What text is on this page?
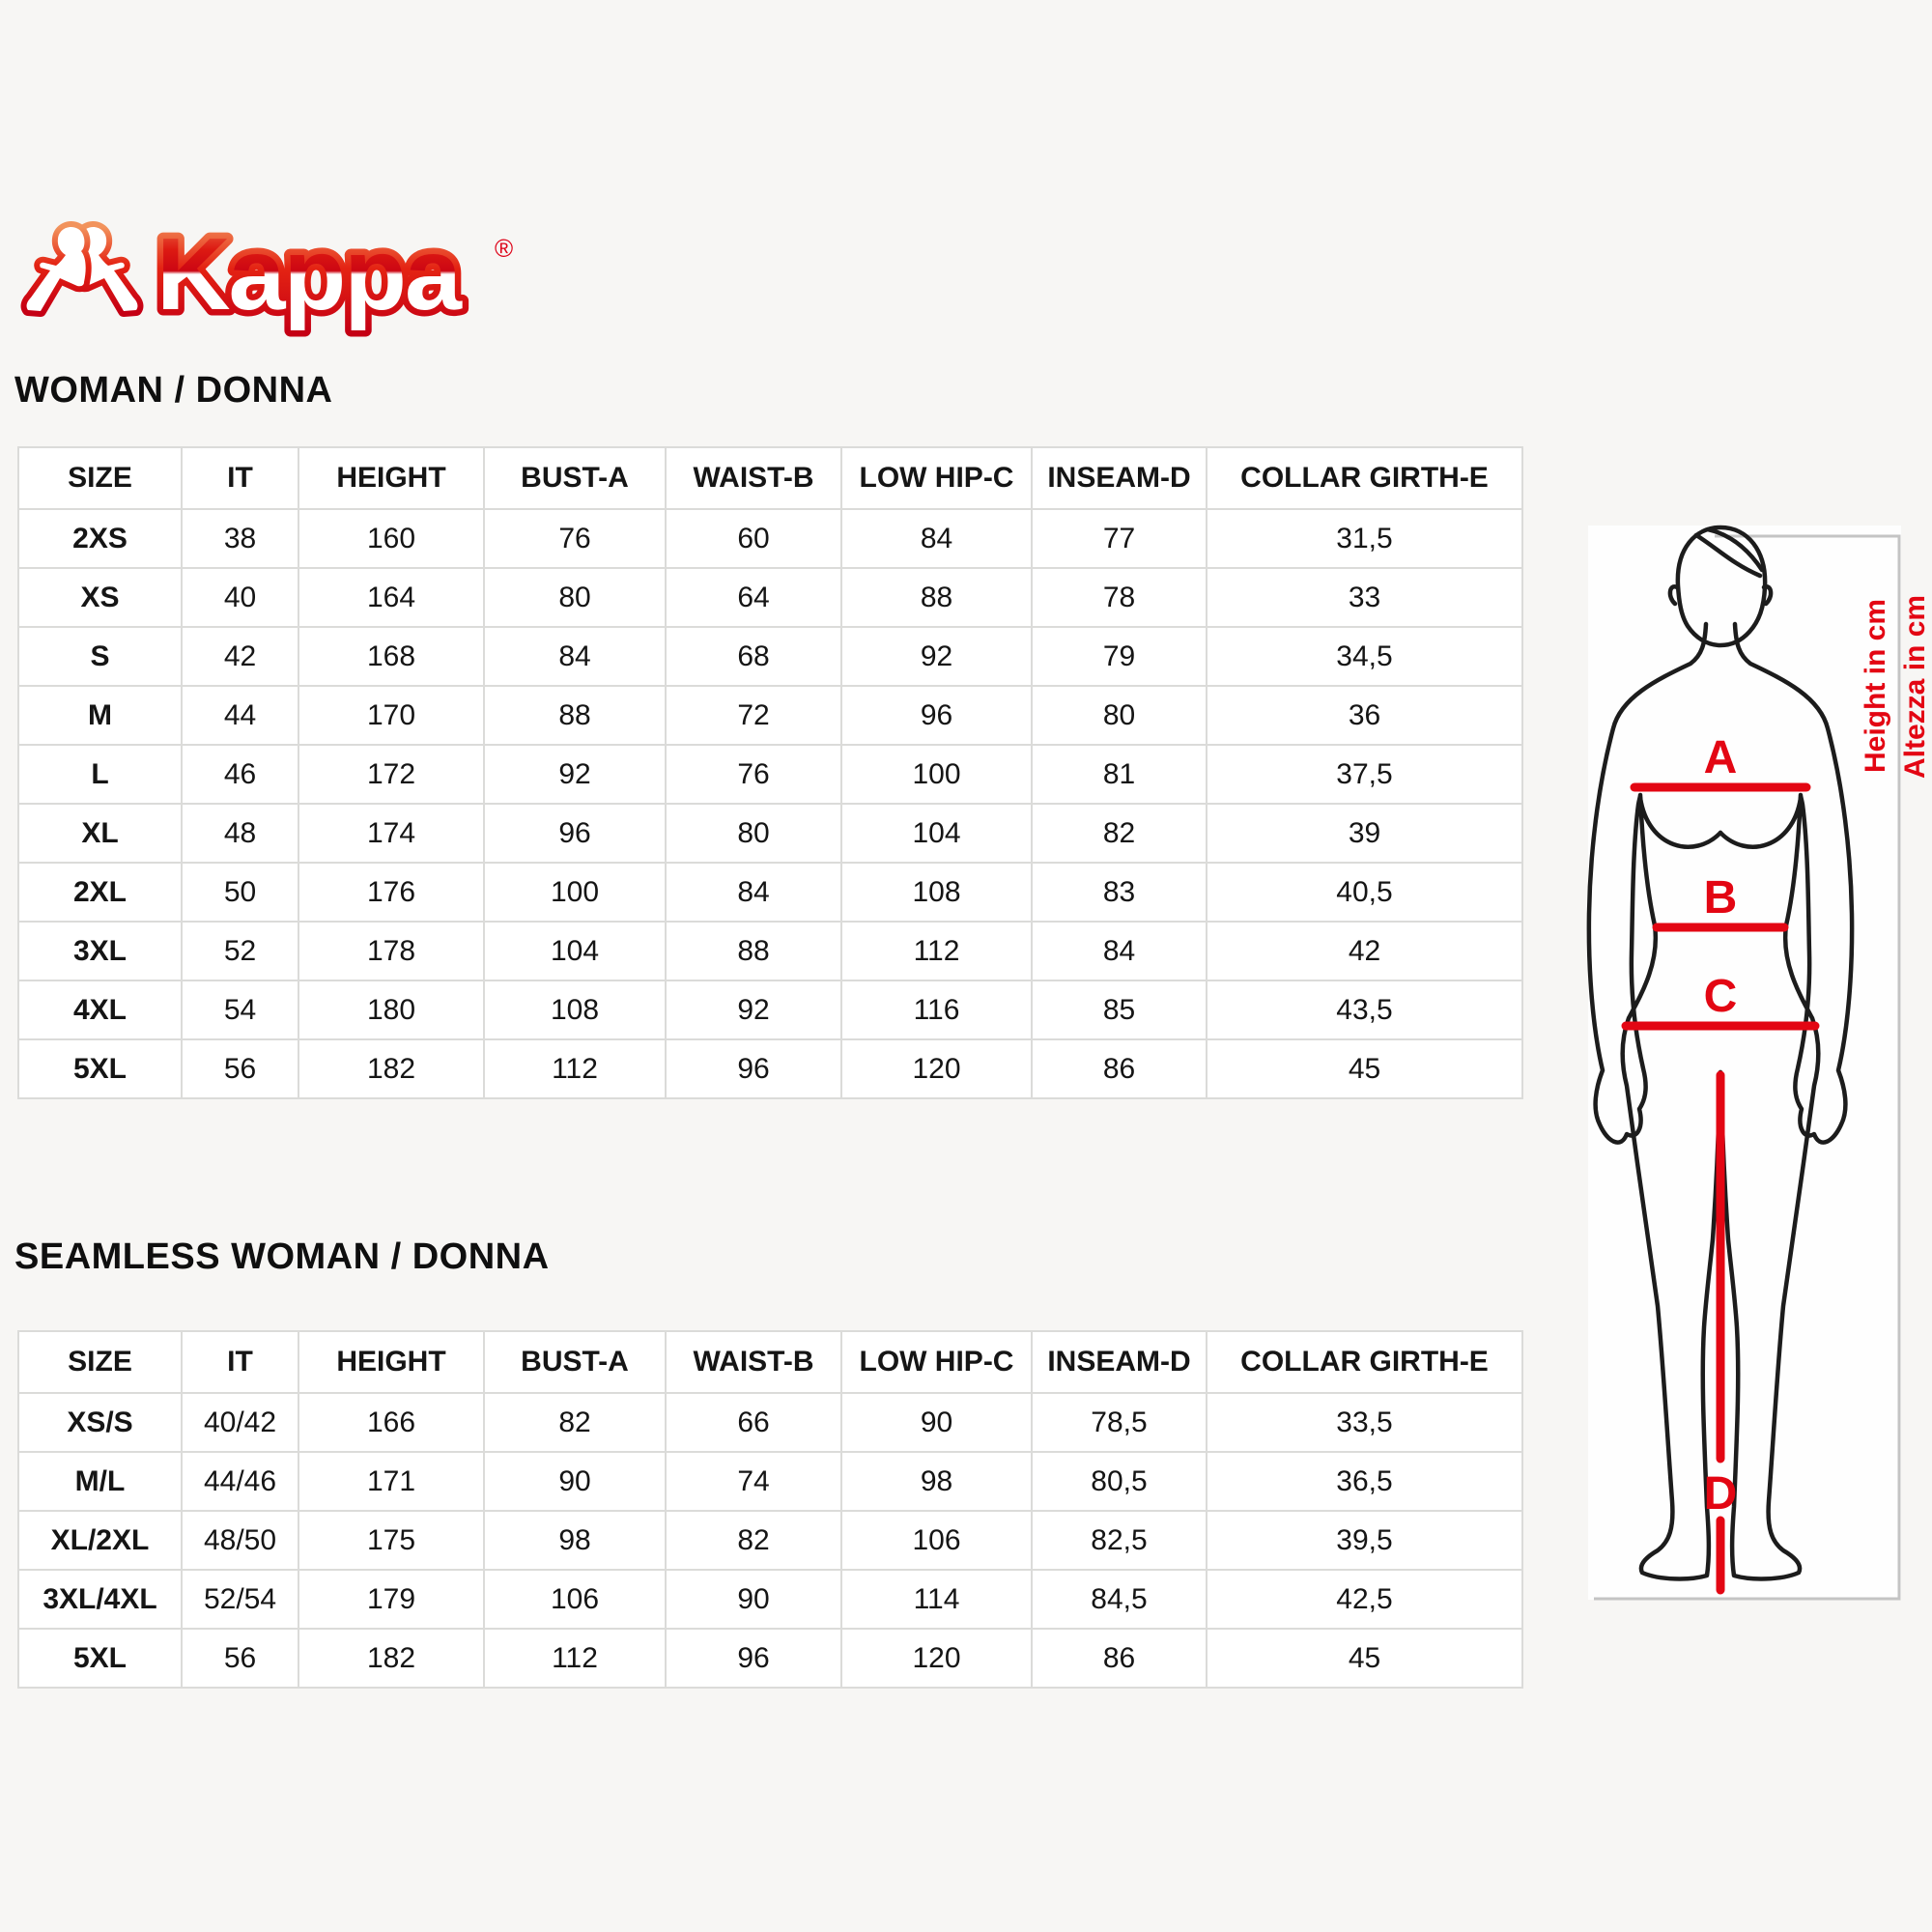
Kappa ®
WOMAN / DONNA
SIZE	IT	HEIGHT	BUST-A	WAIST-B	LOW HIP-C	INSEAM-D	COLLAR GIRTH-E
2XS	38	160	76	60	84	77	31,5
XS	40	164	80	64	88	78	33
S	42	168	84	68	92	79	34,5
M	44	170	88	72	96	80	36
L	46	172	92	76	100	81	37,5
XL	48	174	96	80	104	82	39
2XL	50	176	100	84	108	83	40,5
3XL	52	178	104	88	112	84	42
4XL	54	180	108	92	116	85	43,5
5XL	56	182	112	96	120	86	45
SEAMLESS WOMAN / DONNA
SIZE	IT	HEIGHT	BUST-A	WAIST-B	LOW HIP-C	INSEAM-D	COLLAR GIRTH-E
XS/S	40/42	166	82	66	90	78,5	33,5
M/L	44/46	171	90	74	98	80,5	36,5
XL/2XL	48/50	175	98	82	106	82,5	39,5
3XL/4XL	52/54	179	106	90	114	84,5	42,5
5XL	56	182	112	96	120	86	45
Height in cm Altezza in cm
A
B
C
D
